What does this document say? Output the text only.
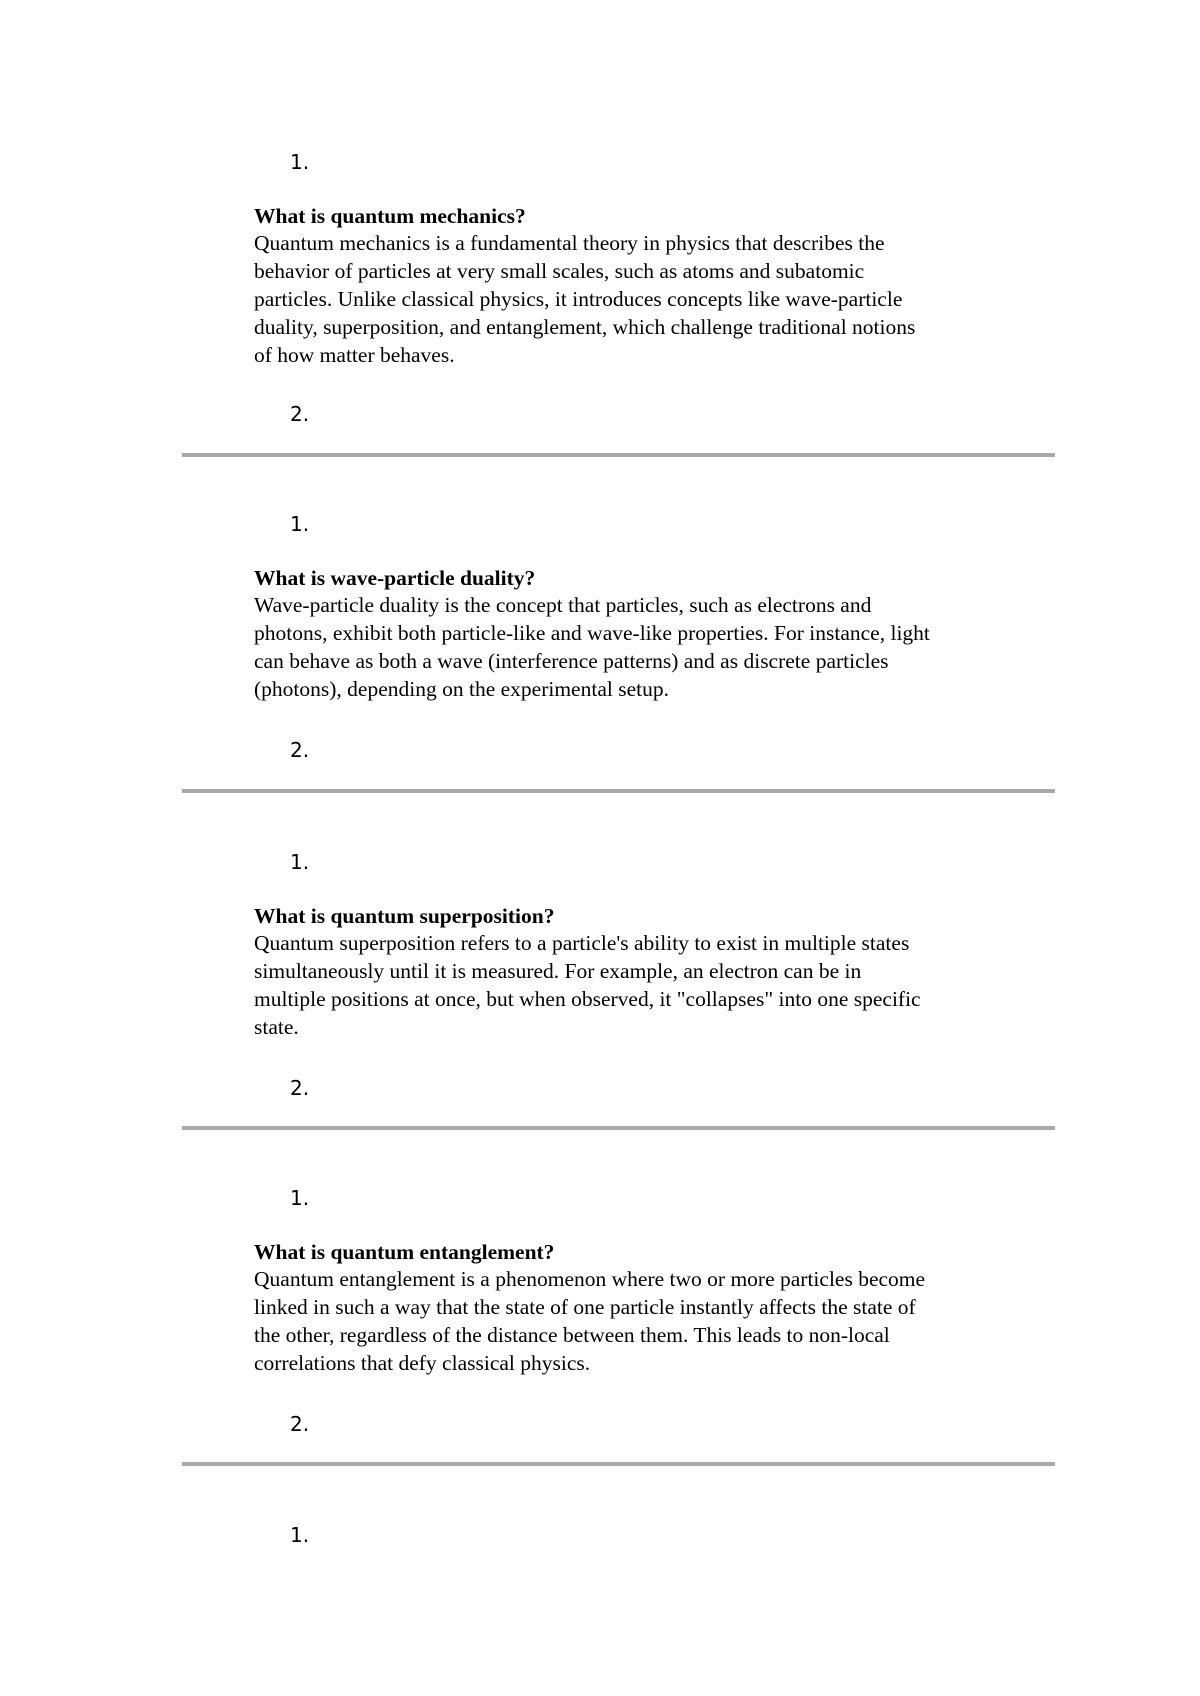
1.
What is quantum mechanics?
Quantum mechanics is a fundamental theory in physics that describes the
behavior of particles at very small scales, such as atoms and subatomic
particles. Unlike classical physics, it introduces concepts like wave-particle
duality, superposition, and entanglement, which challenge traditional notions
of how matter behaves.
2.
1.
What is wave-particle duality?
Wave-particle duality is the concept that particles, such as electrons and
photons, exhibit both particle-like and wave-like properties. For instance, light
can behave as both a wave (interference patterns) and as discrete particles
(photons), depending on the experimental setup.
2.
1.
What is quantum superposition?
Quantum superposition refers to a particle's ability to exist in multiple states
simultaneously until it is measured. For example, an electron can be in
multiple positions at once, but when observed, it "collapses" into one specific
state.
2.
1.
What is quantum entanglement?
Quantum entanglement is a phenomenon where two or more particles become
linked in such a way that the state of one particle instantly affects the state of
the other, regardless of the distance between them. This leads to non-local
correlations that defy classical physics.
2.
1.
